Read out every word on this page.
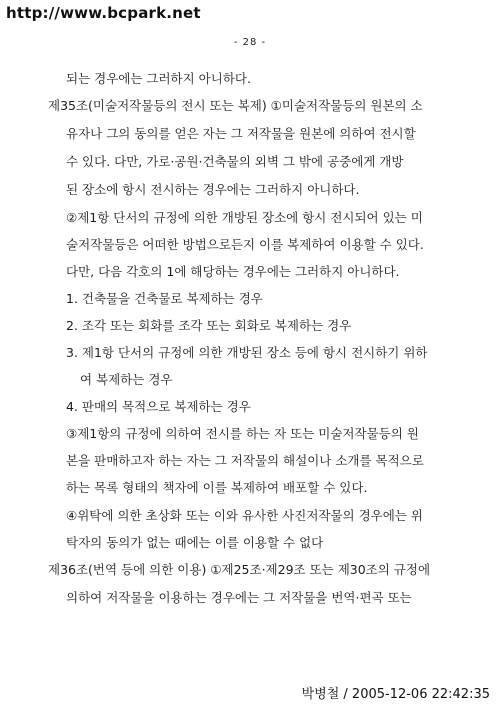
http://www.bcpark.net
- 28 -
되는 경우에는 그러하지 아니하다.
제35조(미술저작물등의 전시 또는 복제) ①미술저작물등의 원본의 소
유자나 그의 동의를 얻은 자는 그 저작물을 원본에 의하여 전시할
수 있다. 다만, 가로·공원·건축물의 외벽 그 밖에 공중에게 개방
된 장소에 항시 전시하는 경우에는 그러하지 아니하다.
②제1항 단서의 규정에 의한 개방된 장소에 항시 전시되어 있는 미
술저작물등은 어떠한 방법으로든지 이를 복제하여 이용할 수 있다.
다만, 다음 각호의 1에 해당하는 경우에는 그러하지 아니하다.
1. 건축물을 건축물로 복제하는 경우
2. 조각 또는 회화를 조각 또는 회화로 복제하는 경우
3. 제1항 단서의 규정에 의한 개방된 장소 등에 항시 전시하기 위하
여 복제하는 경우
4. 판매의 목적으로 복제하는 경우
③제1항의 규정에 의하여 전시를 하는 자 또는 미술저작물등의 원
본을 판매하고자 하는 자는 그 저작물의 해설이나 소개를 목적으로
하는 목록 형태의 책자에 이를 복제하여 배포할 수 있다.
④위탁에 의한 초상화 또는 이와 유사한 사진저작물의 경우에는 위
탁자의 동의가 없는 때에는 이를 이용할 수 없다
제36조(번역 등에 의한 이용) ①제25조·제29조 또는 제30조의 규정에
의하여 저작물을 이용하는 경우에는 그 저작물을 번역·편곡 또는
박병철 / 2005-12-06 22:42:35
